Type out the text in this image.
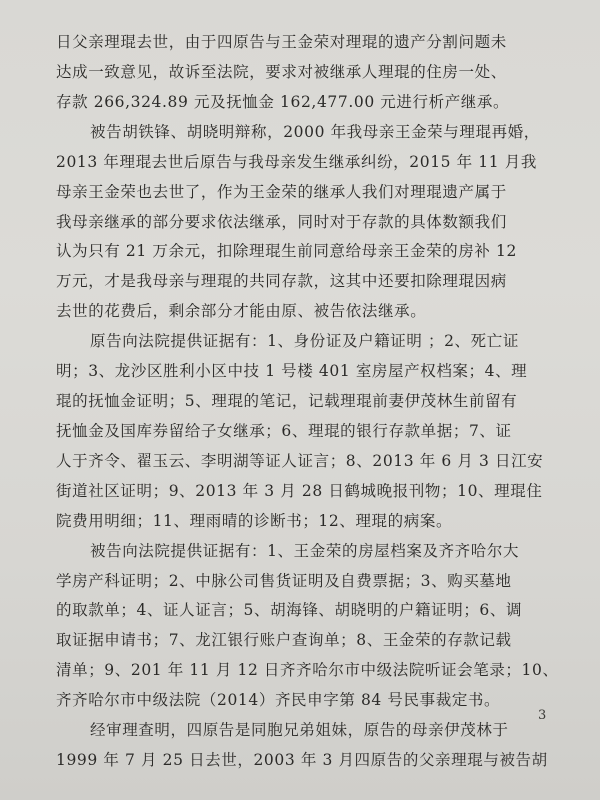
日父亲理琨去世，由于四原告与王金荣对理琨的遗产分割问题未
达成一致意见，故诉至法院，要求对被继承人理琨的住房一处、
存款 266,324.89 元及抚恤金 162,477.00 元进行析产继承。
被告胡铁锋、胡晓明辩称，2000 年我母亲王金荣与理琨再婚，
2013 年理琨去世后原告与我母亲发生继承纠纷，2015 年 11 月我
母亲王金荣也去世了，作为王金荣的继承人我们对理琨遗产属于
我母亲继承的部分要求依法继承，同时对于存款的具体数额我们
认为只有 21 万余元，扣除理琨生前同意给母亲王金荣的房补 12
万元，才是我母亲与理琨的共同存款，这其中还要扣除理琨因病
去世的花费后，剩余部分才能由原、被告依法继承。
原告向法院提供证据有：1、身份证及户籍证明 ；2、死亡证
明；3、龙沙区胜利小区中技 1 号楼 401 室房屋产权档案；4、理
琨的抚恤金证明；5、理琨的笔记，记载理琨前妻伊茂林生前留有
抚恤金及国库券留给子女继承；6、理琨的银行存款单据；7、证
人于齐令、翟玉云、李明湖等证人证言；8、2013 年 6 月 3 日江安
街道社区证明；9、2013 年 3 月 28 日鹤城晚报刊物；10、理琨住
院费用明细；11、理雨晴的诊断书；12、理琨的病案。
被告向法院提供证据有：1、王金荣的房屋档案及齐齐哈尔大
学房产科证明；2、中脉公司售货证明及自费票据；3、购买墓地
的取款单；4、证人证言；5、胡海锋、胡晓明的户籍证明；6、调
取证据申请书；7、龙江银行账户查询单；8、王金荣的存款记载
清单；9、201 年 11 月 12 日齐齐哈尔市中级法院听证会笔录；10、
齐齐哈尔市中级法院（2014）齐民申字第 84 号民事裁定书。
经审理查明，四原告是同胞兄弟姐妹，原告的母亲伊茂林于
1999 年 7 月 25 日去世，2003 年 3 月四原告的父亲理琨与被告胡
3
